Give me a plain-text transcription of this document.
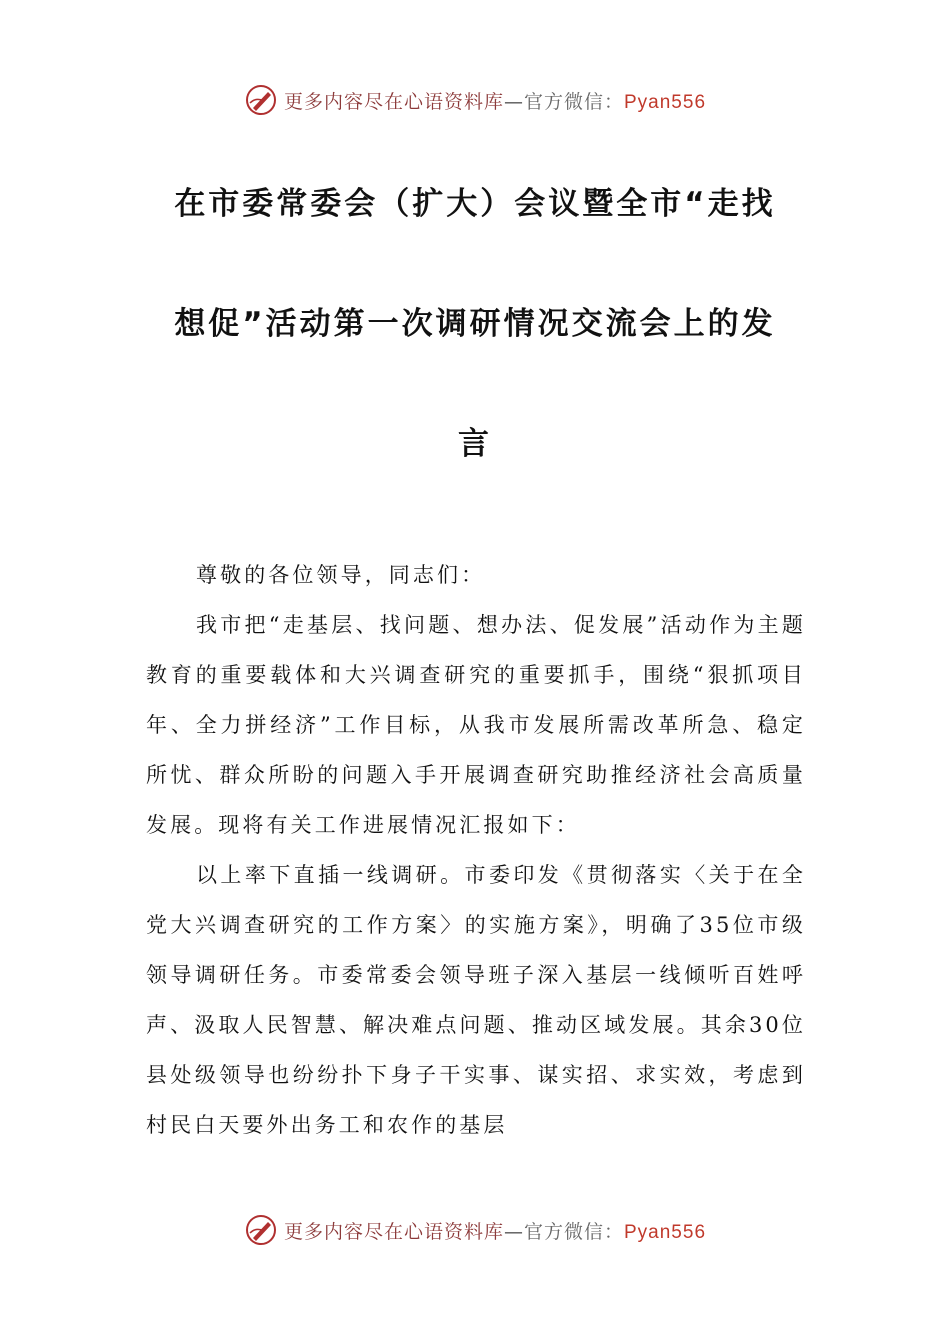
更多内容尽在心语资料库—官方微信：Pyan556
在市委常委会（扩大）会议暨全市“走找
想促”活动第一次调研情况交流会上的发
言

尊敬的各位领导，同志们：

我市把“走基层、找问题、想办法、促发展”活动作为主题教育的重要载体和大兴调查研究的重要抓手，围绕“狠抓项目年、全力拼经济”工作目标，从我市发展所需改革所急、稳定所忧、群众所盼的问题入手开展调查研究助推经济社会高质量发展。现将有关工作进展情况汇报如下：

以上率下直插一线调研。市委印发《贯彻落实〈关于在全党大兴调查研究的工作方案〉的实施方案》，明确了35位市级领导调研任务。市委常委会领导班子深入基层一线倾听百姓呼声、汲取人民智慧、解决难点问题、推动区域发展。其余30位县处级领导也纷纷扑下身子干实事、谋实招、求实效，考虑到村民白天要外出务工和农作的基层

更多内容尽在心语资料库—官方微信：Pyan556
